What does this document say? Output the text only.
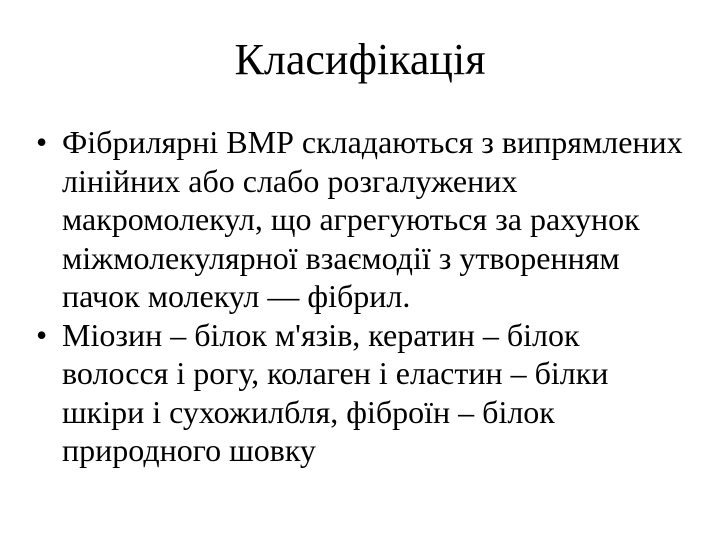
Класифікація
• Фібрилярні ВМР складаються з випрямлених
лінійних або слабо розгалужених
макромолекул, що агрегуються за рахунок
міжмолекулярної взаємодії з утворенням
пачок молекул — фібрил.
• Міозин – білок м'язів, кератин – білок
волосся і рогу, колаген і еластин – білки
шкіри і сухожилбля, фіброїн – білок
природного шовку
